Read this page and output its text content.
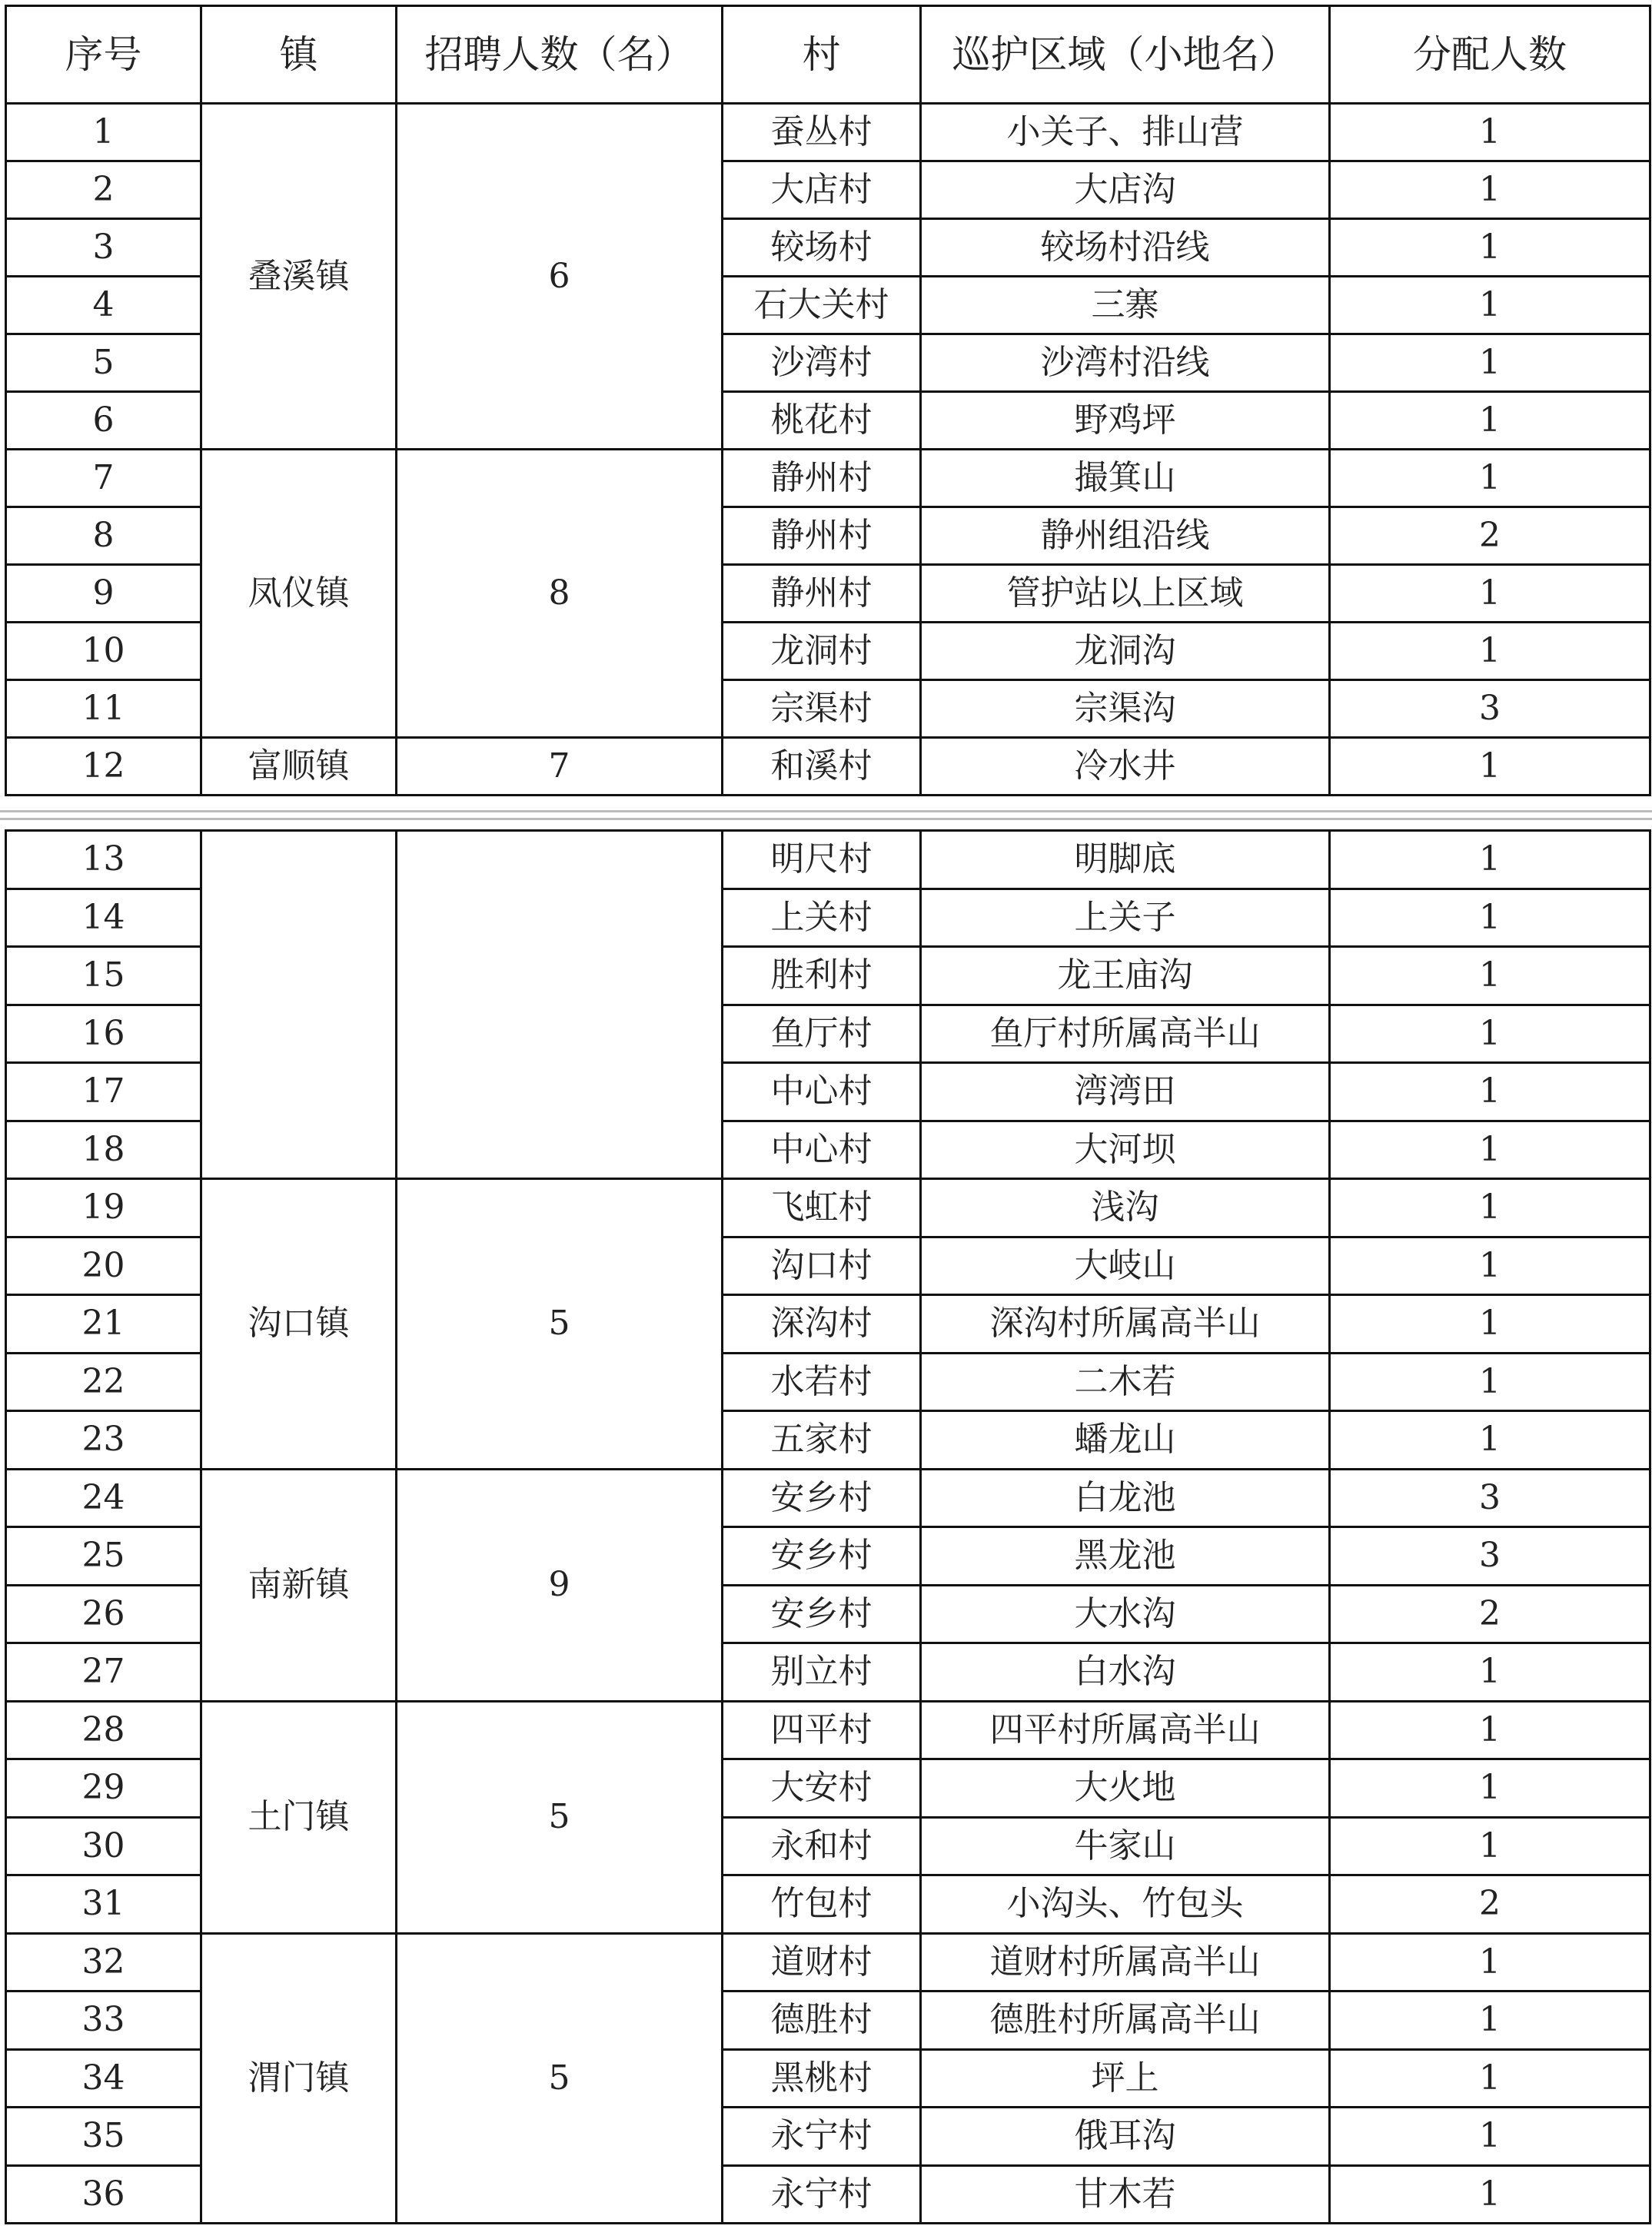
序号	镇	招聘人数（名）	村	巡护区域（小地名）	分配人数
1	叠溪镇	6	蚕丛村	小关子、排山营	1
2			大店村	大店沟	1
3			较场村	较场村沿线	1
4			石大关村	三寨	1
5			沙湾村	沙湾村沿线	1
6			桃花村	野鸡坪	1
7	凤仪镇	8	静州村	撮箕山	1
8			静州村	静州组沿线	2
9			静州村	管护站以上区域	1
10			龙洞村	龙洞沟	1
11			宗渠村	宗渠沟	3
12	富顺镇	7	和溪村	冷水井	1
13			明尺村	明脚底	1
14			上关村	上关子	1
15			胜利村	龙王庙沟	1
16			鱼厅村	鱼厅村所属高半山	1
17			中心村	湾湾田	1
18			中心村	大河坝	1
19	沟口镇	5	飞虹村	浅沟	1
20			沟口村	大岐山	1
21			深沟村	深沟村所属高半山	1
22			水若村	二木若	1
23			五家村	蟠龙山	1
24	南新镇	9	安乡村	白龙池	3
25			安乡村	黑龙池	3
26			安乡村	大水沟	2
27			别立村	白水沟	1
28	土门镇	5	四平村	四平村所属高半山	1
29			大安村	大火地	1
30			永和村	牛家山	1
31			竹包村	小沟头、竹包头	2
32	渭门镇	5	道财村	道财村所属高半山	1
33			德胜村	德胜村所属高半山	1
34			黑桃村	坪上	1
35			永宁村	俄耳沟	1
36			永宁村	甘木若	1
